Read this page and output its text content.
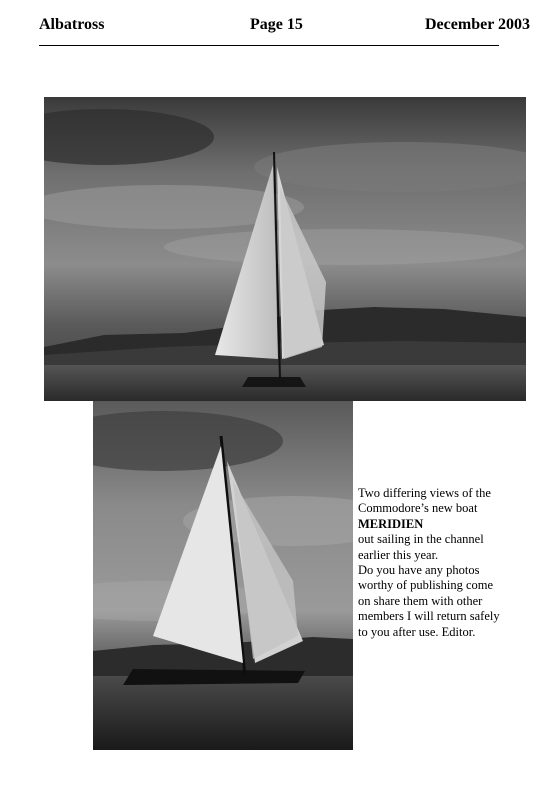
Albatross	Page 15	December 2003
Two differing views of the
Commodore’s new boat
MERIDIEN
out sailing in the channel
earlier this year.
Do you have any photos
worthy of publishing come
on share them with other
members I will return safely
to you after use. Editor.
